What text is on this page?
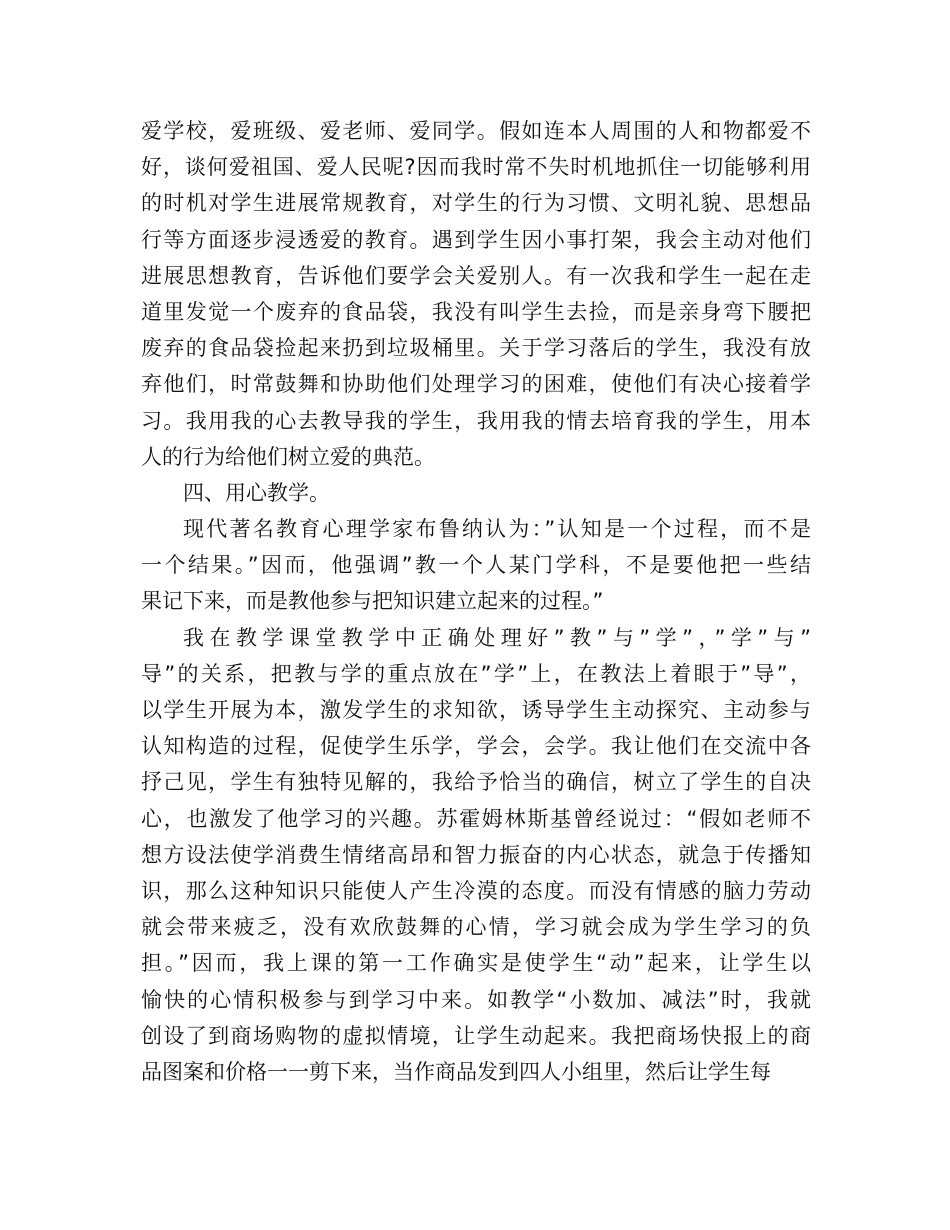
爱学校，爱班级、爱老师、爱同学。假如连本人周围的人和物都爱不
好，谈何爱祖国、爱人民呢?因而我时常不失时机地抓住一切能够利用
的时机对学生进展常规教育，对学生的行为习惯、文明礼貌、思想品
行等方面逐步浸透爱的教育。遇到学生因小事打架，我会主动对他们
进展思想教育，告诉他们要学会关爱别人。有一次我和学生一起在走
道里发觉一个废弃的食品袋，我没有叫学生去捡，而是亲身弯下腰把
废弃的食品袋捡起来扔到垃圾桶里。关于学习落后的学生，我没有放
弃他们，时常鼓舞和协助他们处理学习的困难，使他们有决心接着学
习。我用我的心去教导我的学生，我用我的情去培育我的学生，用本
人的行为给他们树立爱的典范。
四、用心教学。
现代著名教育心理学家布鲁纳认为：”认知是一个过程，而不是
一个结果。”因而，他强调”教一个人某门学科，不是要他把一些结
果记下来，而是教他参与把知识建立起来的过程。”
我在教学课堂教学中正确处理好”教”与”学”，”学”与”
导”的关系，把教与学的重点放在”学”上，在教法上着眼于”导”，
以学生开展为本，激发学生的求知欲，诱导学生主动探究、主动参与
认知构造的过程，促使学生乐学，学会，会学。我让他们在交流中各
抒己见，学生有独特见解的，我给予恰当的确信，树立了学生的自决
心，也激发了他学习的兴趣。苏霍姆林斯基曾经说过：“假如老师不
想方设法使学消费生情绪高昂和智力振奋的内心状态，就急于传播知
识，那么这种知识只能使人产生冷漠的态度。而没有情感的脑力劳动
就会带来疲乏，没有欢欣鼓舞的心情，学习就会成为学生学习的负
担。”因而，我上课的第一工作确实是使学生“动”起来，让学生以
愉快的心情积极参与到学习中来。如教学“小数加、减法”时，我就
创设了到商场购物的虚拟情境，让学生动起来。我把商场快报上的商
品图案和价格一一剪下来，当作商品发到四人小组里，然后让学生每
